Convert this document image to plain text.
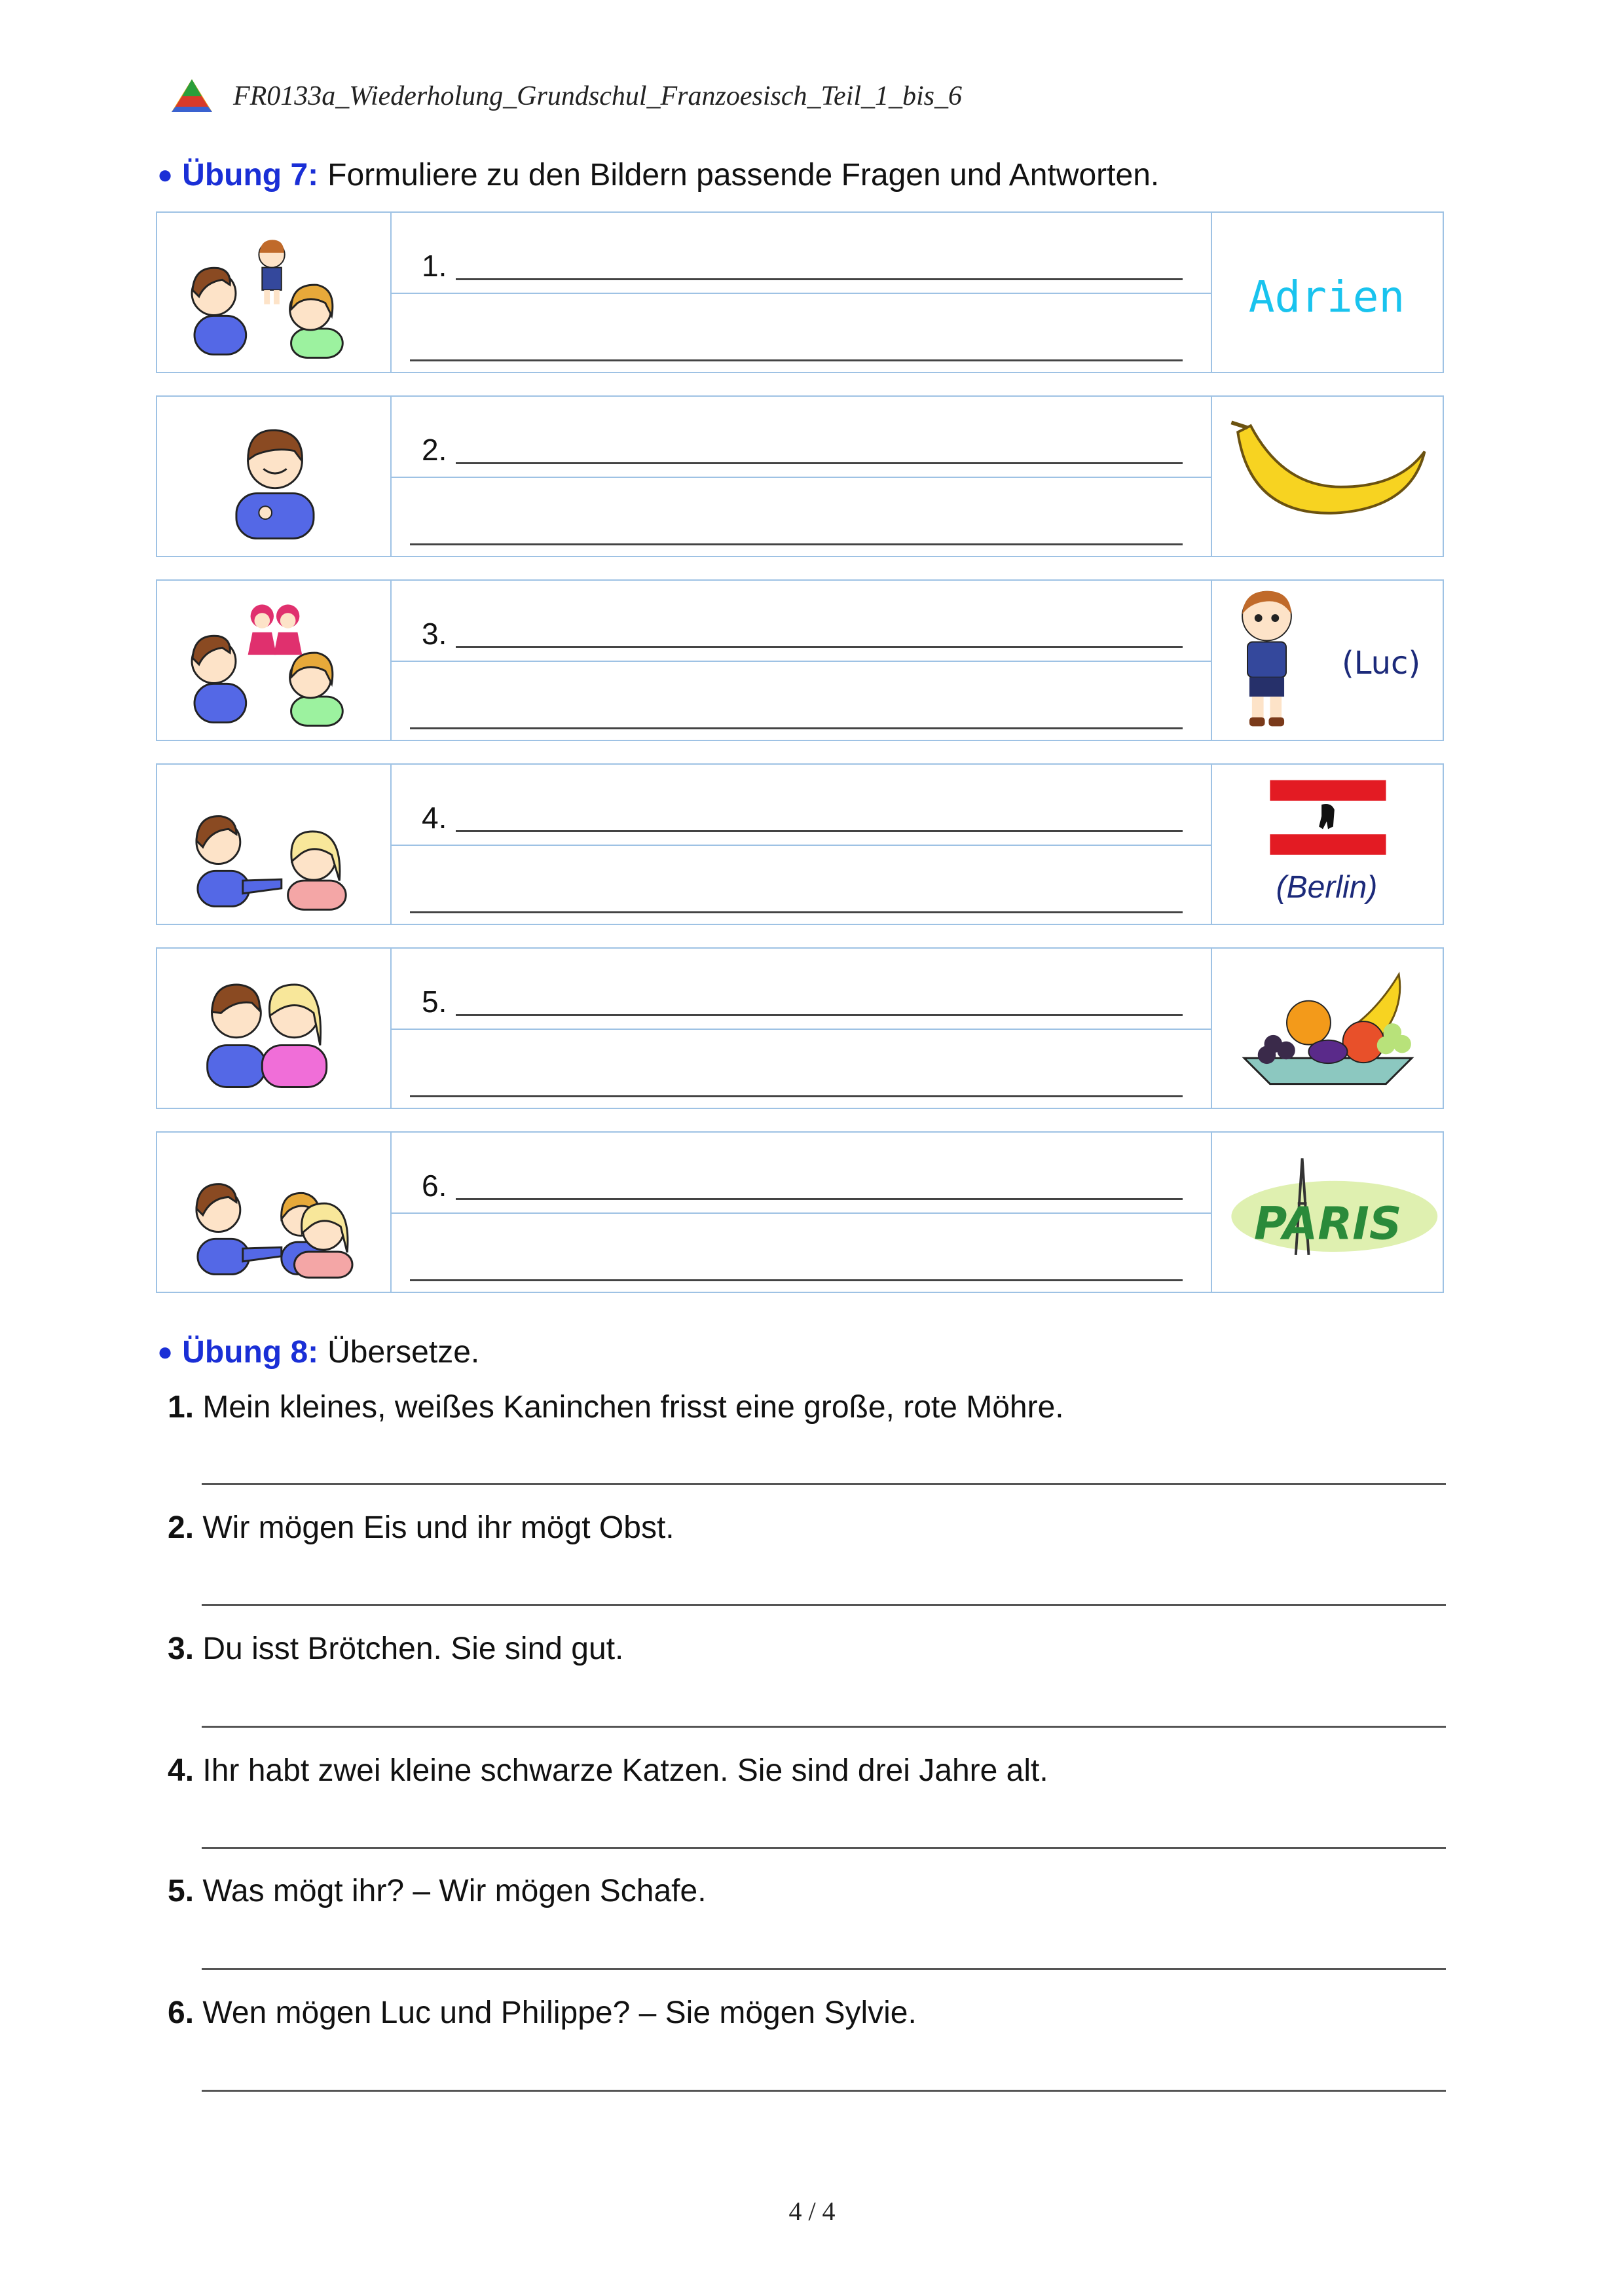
FR0133a_Wiederholung_Grundschul_Franzoesisch_Teil_1_bis_6
● Übung 7: Formuliere zu den Bildern passende Fragen und Antworten.
1.
Adrien
2.
3.
(Luc)
4.
(Berlin)
5.
6.
PARIS
● Übung 8: Übersetze.
1. Mein kleines, weißes Kaninchen frisst eine große, rote Möhre.
2. Wir mögen Eis und ihr mögt Obst.
3. Du isst Brötchen. Sie sind gut.
4. Ihr habt zwei kleine schwarze Katzen. Sie sind drei Jahre alt.
5. Was mögt ihr? – Wir mögen Schafe.
6. Wen mögen Luc und Philippe? – Sie mögen Sylvie.
4 / 4
